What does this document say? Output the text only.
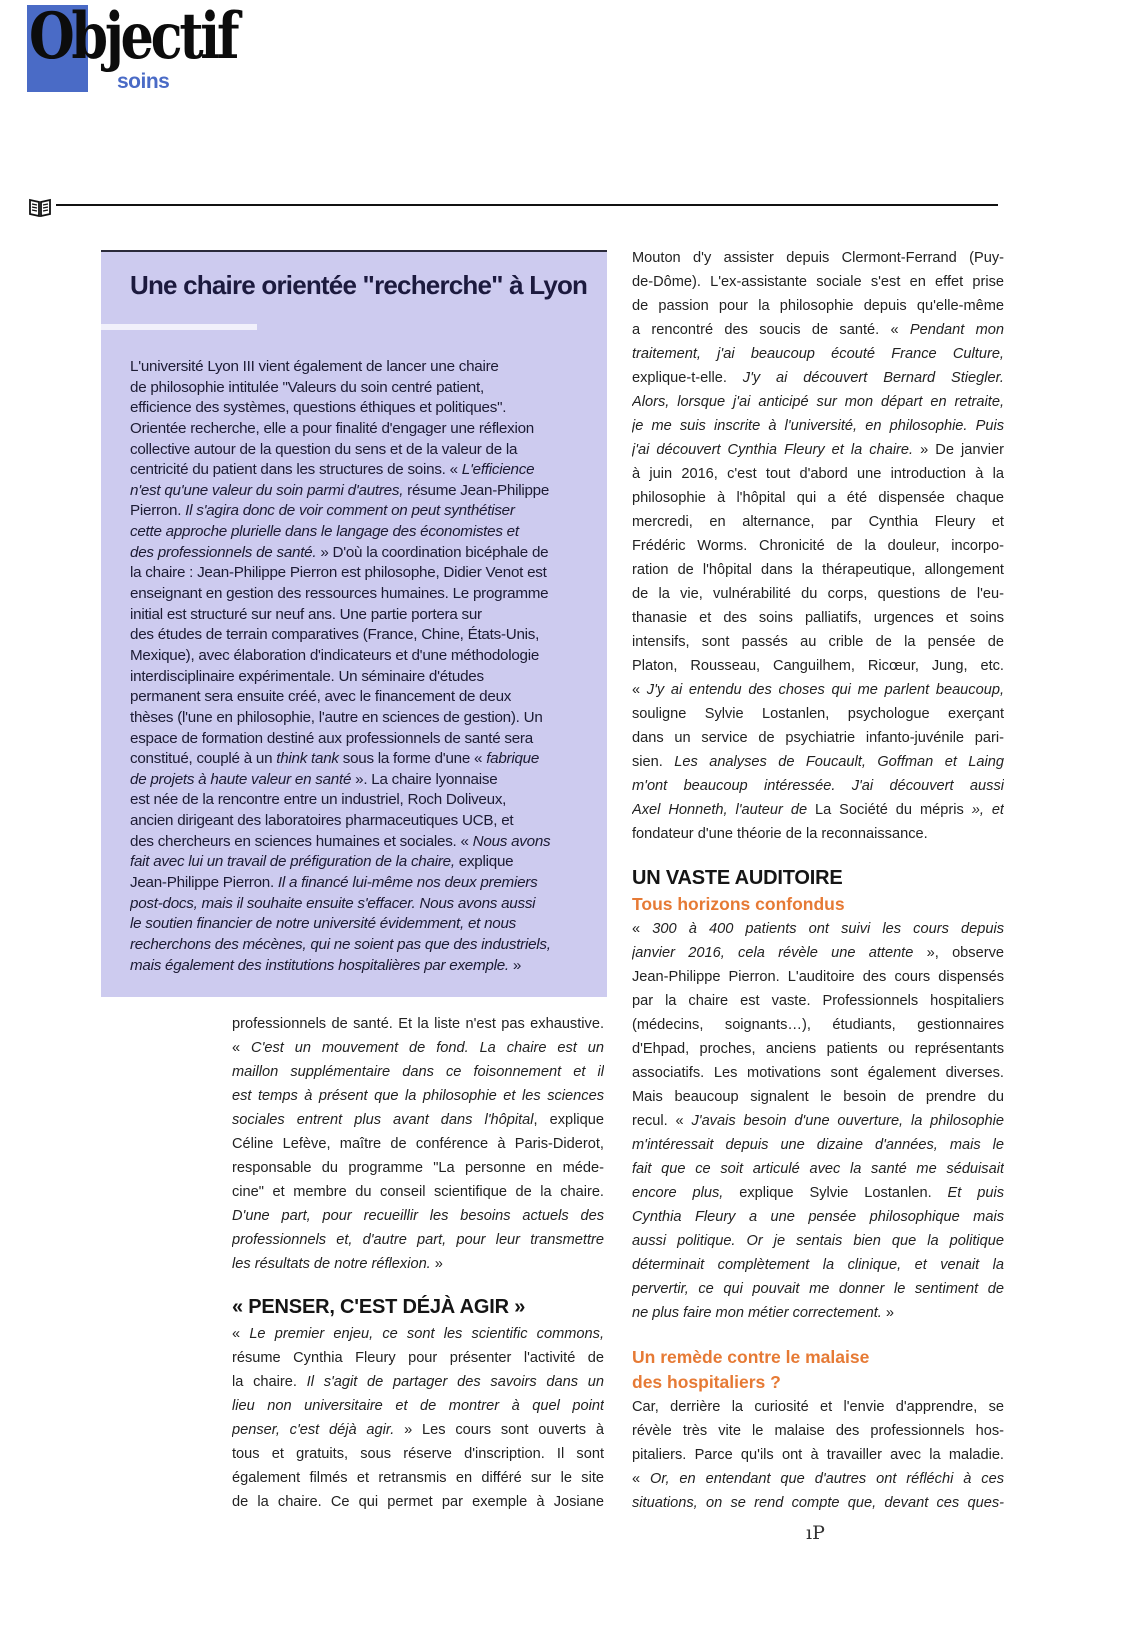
Objectif
soins
Une chaire orientée "recherche" à Lyon
L'université Lyon III vient également de lancer une chaire
de philosophie intitulée "Valeurs du soin centré patient,
efficience des systèmes, questions éthiques et politiques".
Orientée recherche, elle a pour finalité d'engager une réflexion
collective autour de la question du sens et de la valeur de la
centricité du patient dans les structures de soins. « L'efficience
n'est qu'une valeur du soin parmi d'autres, résume Jean-Philippe
Pierron. Il s'agira donc de voir comment on peut synthétiser
cette approche plurielle dans le langage des économistes et
des professionnels de santé. » D'où la coordination bicéphale de
la chaire : Jean-Philippe Pierron est philosophe, Didier Venot est
enseignant en gestion des ressources humaines. Le programme
initial est structuré sur neuf ans. Une partie portera sur
des études de terrain comparatives (France, Chine, États-Unis,
Mexique), avec élaboration d'indicateurs et d'une méthodologie
interdisciplinaire expérimentale. Un séminaire d'études
permanent sera ensuite créé, avec le financement de deux
thèses (l'une en philosophie, l'autre en sciences de gestion). Un
espace de formation destiné aux professionnels de santé sera
constitué, couplé à un think tank sous la forme d'une « fabrique
de projets à haute valeur en santé ». La chaire lyonnaise
est née de la rencontre entre un industriel, Roch Doliveux,
ancien dirigeant des laboratoires pharmaceutiques UCB, et
des chercheurs en sciences humaines et sociales. « Nous avons
fait avec lui un travail de préfiguration de la chaire, explique
Jean-Philippe Pierron. Il a financé lui-même nos deux premiers
post-docs, mais il souhaite ensuite s'effacer. Nous avons aussi
le soutien financier de notre université évidemment, et nous
recherchons des mécènes, qui ne soient pas que des industriels,
mais également des institutions hospitalières par exemple. »
professionnels de santé. Et la liste n'est pas exhaustive.
« C'est un mouvement de fond. La chaire est un
maillon supplémentaire dans ce foisonnement et il
est temps à présent que la philosophie et les sciences
sociales entrent plus avant dans l'hôpital, explique
Céline Lefève, maître de conférence à Paris-Diderot,
responsable du programme "La personne en méde-
cine" et membre du conseil scientifique de la chaire.
D'une part, pour recueillir les besoins actuels des
professionnels et, d'autre part, pour leur transmettre
les résultats de notre réflexion. »
« PENSER, C'EST DÉJÀ AGIR »
« Le premier enjeu, ce sont les scientific commons,
résume Cynthia Fleury pour présenter l'activité de
la chaire. Il s'agit de partager des savoirs dans un
lieu non universitaire et de montrer à quel point
penser, c'est déjà agir. » Les cours sont ouverts à
tous et gratuits, sous réserve d'inscription. Il sont
également filmés et retransmis en différé sur le site
de la chaire. Ce qui permet par exemple à Josiane
Mouton d'y assister depuis Clermont-Ferrand (Puy-
de-Dôme). L'ex-assistante sociale s'est en effet prise
de passion pour la philosophie depuis qu'elle-même
a rencontré des soucis de santé. « Pendant mon
traitement, j'ai beaucoup écouté France Culture,
explique-t-elle. J'y ai découvert Bernard Stiegler.
Alors, lorsque j'ai anticipé sur mon départ en retraite,
je me suis inscrite à l'université, en philosophie. Puis
j'ai découvert Cynthia Fleury et la chaire. » De janvier
à juin 2016, c'est tout d'abord une introduction à la
philosophie à l'hôpital qui a été dispensée chaque
mercredi, en alternance, par Cynthia Fleury et
Frédéric Worms. Chronicité de la douleur, incorpo-
ration de l'hôpital dans la thérapeutique, allongement
de la vie, vulnérabilité du corps, questions de l'eu-
thanasie et des soins palliatifs, urgences et soins
intensifs, sont passés au crible de la pensée de
Platon, Rousseau, Canguilhem, Ricœur, Jung, etc.
« J'y ai entendu des choses qui me parlent beaucoup,
souligne Sylvie Lostanlen, psychologue exerçant
dans un service de psychiatrie infanto-juvénile pari-
sien. Les analyses de Foucault, Goffman et Laing
m'ont beaucoup intéressée. J'ai découvert aussi
Axel Honneth, l'auteur de La Société du mépris », et
fondateur d'une théorie de la reconnaissance.
UN VASTE AUDITOIRE
Tous horizons confondus
« 300 à 400 patients ont suivi les cours depuis
janvier 2016, cela révèle une attente », observe
Jean-Philippe Pierron. L'auditoire des cours dispensés
par la chaire est vaste. Professionnels hospitaliers
(médecins, soignants…), étudiants, gestionnaires
d'Ehpad, proches, anciens patients ou représentants
associatifs. Les motivations sont également diverses.
Mais beaucoup signalent le besoin de prendre du
recul. « J'avais besoin d'une ouverture, la philosophie
m'intéressait depuis une dizaine d'années, mais le
fait que ce soit articulé avec la santé me séduisait
encore plus, explique Sylvie Lostanlen. Et puis
Cynthia Fleury a une pensée philosophique mais
aussi politique. Or je sentais bien que la politique
déterminait complètement la clinique, et venait la
pervertir, ce qui pouvait me donner le sentiment de
ne plus faire mon métier correctement. »
Un remède contre le malaise
des hospitaliers ?
Car, derrière la curiosité et l'envie d'apprendre, se
révèle très vite le malaise des professionnels hos-
pitaliers. Parce qu'ils ont à travailler avec la maladie.
« Or, en entendant que d'autres ont réfléchi à ces
situations, on se rend compte que, devant ces ques-
ıP
